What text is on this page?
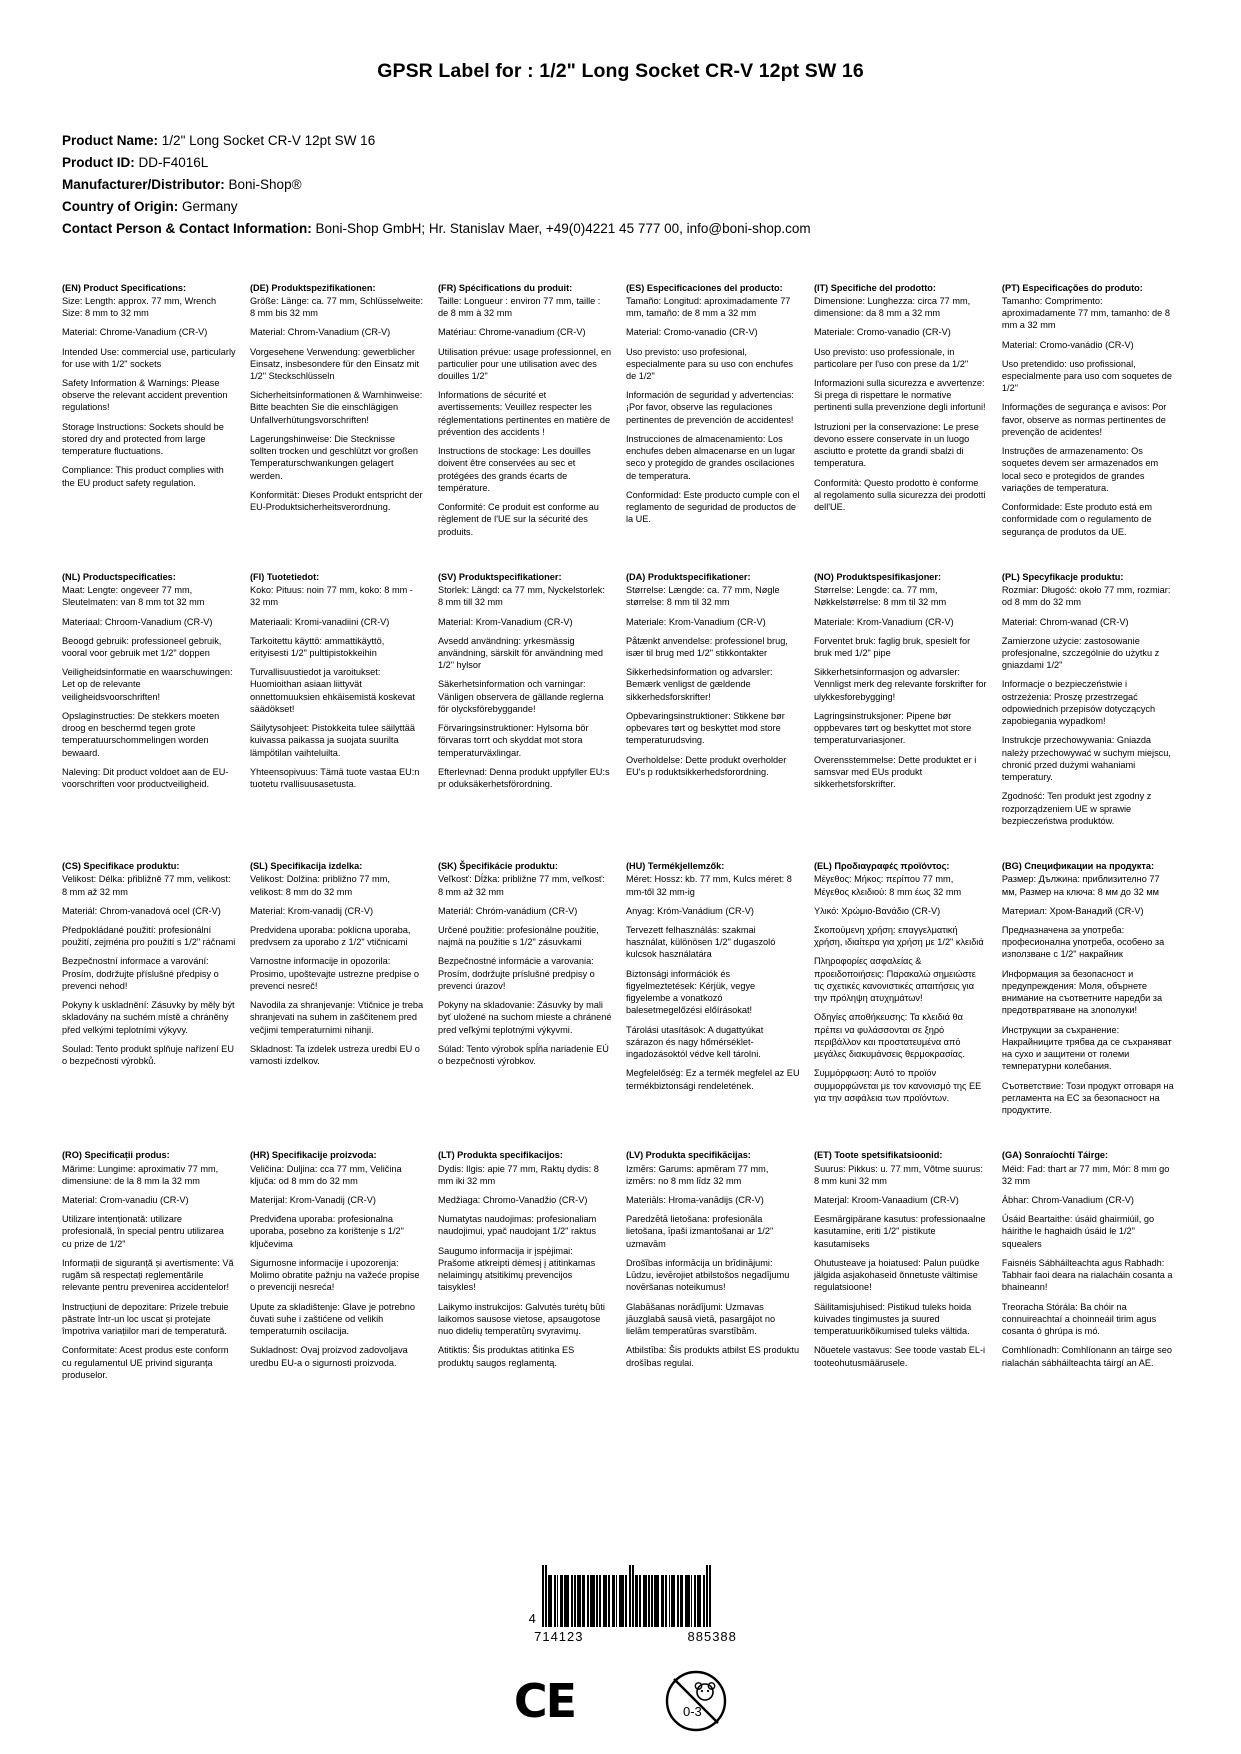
GPSR Label for : 1/2" Long Socket CR-V 12pt SW 16
Product Name: 1/2" Long Socket CR-V 12pt SW 16
Product ID: DD-F4016L
Manufacturer/Distributor: Boni-Shop®
Country of Origin: Germany
Contact Person & Contact Information: Boni-Shop GmbH; Hr. Stanislav Maer, +49(0)4221 45 777 00, info@boni-shop.com
(EN) Product Specifications:

Size: Length: approx. 77 mm, Wrench Size: 8 mm to 32 mm

Material: Chrome-Vanadium (CR-V)

Intended Use: commercial use, particularly for use with 1/2" sockets

Safety Information & Warnings: Please observe the relevant accident prevention regulations!

Storage Instructions: Sockets should be stored dry and protected from large temperature fluctuations.

Compliance: This product complies with the EU product safety regulation.

(DE) Produktspezifikationen:

Größe: Länge: ca. 77 mm, Schlüsselweite: 8 mm bis 32 mm

Material: Chrom-Vanadium (CR-V)

Vorgesehene Verwendung: gewerblicher Einsatz, insbesondere für den Einsatz mit 1/2" Steckschlüsseln

Sicherheitsinformationen & Warnhinweise: Bitte beachten Sie die einschlägigen Unfallverhütungsvorschriften!

Lagerungshinweise: Die Stecknisse sollten trocken und geschlützt vor großen Temperaturschwankungen gelagert werden.

Konformität: Dieses Produkt entspricht der EU-Produktsicherheitsverordnung.

(FR) Spécifications du produit:

Taille: Longueur : environ 77 mm, taille : de 8 mm à 32 mm

Matériau: Chrome-vanadium (CR-V)

Utilisation prévue: usage professionnel, en particulier pour une utilisation avec des douilles 1/2"

Informations de sécurité et avertissements: Veuillez respecter les réglementations pertinentes en matière de prévention des accidents !

Instructions de stockage: Les douilles doivent être conservées au sec et protégées des grands écarts de température.

Conformité: Ce produit est conforme au règlement de l'UE sur la sécurité des produits.

(ES) Especificaciones del producto:

Tamaño: Longitud: aproximadamente 77 mm, tamaño: de 8 mm a 32 mm

Material: Cromo-vanadio (CR-V)

Uso previsto: uso profesional, especialmente para su uso con enchufes de 1/2"

Información de seguridad y advertencias: ¡Por favor, observe las regulaciones pertinentes de prevención de accidentes!

Instrucciones de almacenamiento: Los enchufes deben almacenarse en un lugar seco y protegido de grandes oscilaciones de temperatura.

Conformidad: Este producto cumple con el reglamento de seguridad de productos de la UE.

(IT) Specifiche del prodotto:

Dimensione: Lunghezza: circa 77 mm, dimensione: da 8 mm a 32 mm

Materiale: Cromo-vanadio (CR-V)

Uso previsto: uso professionale, in particolare per l'uso con prese da 1/2"

Informazioni sulla sicurezza e avvertenze: Si prega di rispettare le normative pertinenti sulla prevenzione degli infortuni!

Istruzioni per la conservazione: Le prese devono essere conservate in un luogo asciutto e protette da grandi sbalzi di temperatura.

Conformità: Questo prodotto è conforme al regolamento sulla sicurezza dei prodotti dell'UE.

(PT) Especificações do produto:

Tamanho: Comprimento: aproximadamente 77 mm, tamanho: de 8 mm a 32 mm

Material: Cromo-vanádio (CR-V)

Uso pretendido: uso profissional, especialmente para uso com soquetes de 1/2"

Informações de segurança e avisos: Por favor, observe as normas pertinentes de prevenção de acidentes!

Instruções de armazenamento: Os soquetes devem ser armazenados em local seco e protegidos de grandes variações de temperatura.

Conformidade: Este produto está em conformidade com o regulamento de segurança de produtos da UE.

(NL) Productspecificaties:

Maat: Lengte: ongeveer 77 mm, Sleutelmaten: van 8 mm tot 32 mm

Materiaal: Chroom-Vanadium (CR-V)

Beoogd gebruik: professioneel gebruik, vooral voor gebruik met 1/2" doppen

Veiligheidsinformatie en waarschuwingen: Let op de relevante veiligheidsvoorschriften!

Opslaginstructies: De stekkers moeten droog en beschermd tegen grote temperatuurschommelingen worden bewaard.

Naleving: Dit product voldoet aan de EU-voorschriften voor productveiligheid.

(FI) Tuotetiedot:

Koko: Pituus: noin 77 mm, koko: 8 mm - 32 mm

Materiaali: Kromi-vanadiini (CR-V)

Tarkoitettu käyttö: ammattikäyttö, erityisesti 1/2" pulttipistokkeihin

Turvallisuustiedot ja varoitukset: Huomioithan asiaan liittyvät onnettomuuksien ehkäisemistä koskevat säädökset!

Säilytysohjeet: Pistokkeita tulee säilyttää kuivassa paikassa ja suojata suurilta lämpötilan vaihteluilta.

Yhteensopivuus: Tämä tuote vastaa EU:n tuotetu rvallisuusasetusta.

(SV) Produktspecifikationer:

Storlek: Längd: ca 77 mm, Nyckelstorlek: 8 mm till 32 mm

Material: Krom-Vanadium (CR-V)

Avsedd användning: yrkesmässig användning, särskilt för användning med 1/2" hylsor

Säkerhetsinformation och varningar: Vänligen observera de gällande reglerna för olycksförebyggande!

Förvaringsinstruktioner: Hylsorna bör förvaras torrt och skyddat mot stora temperaturväxlingar.

Efterlevnad: Denna produkt uppfyller EU:s pr oduksäkerhetsförordning.

(DA) Produktspecifikationer:

Størrelse: Længde: ca. 77 mm, Nøgle størrelse: 8 mm til 32 mm

Materiale: Krom-Vanadium (CR-V)

Påtænkt anvendelse: professionel brug, især til brug med 1/2" stikkontakter

Sikkerhedsinformation og advarsler: Bemærk venligst de gældende sikkerhedsforskrifter!

Opbevaringsinstruktioner: Stikkene bør opbevares tørt og beskyttet mod store temperaturudsving.

Overholdelse: Dette produkt overholder EU's p roduktsikkerhedsforordning.

(NO) Produktspesifikasjoner:

Størrelse: Lengde: ca. 77 mm, Nøkkelstørrelse: 8 mm til 32 mm

Materiale: Krom-Vanadium (CR-V)

Forventet bruk: faglig bruk, spesielt for bruk med 1/2" pipe

Sikkerhetsinformasjon og advarsler: Vennligst merk deg relevante forskrifter for ulykkesforebygging!

Lagringsinstruksjoner: Pipene bør oppbevares tørt og beskyttet mot store temperaturvariasjoner.

Overensstemmelse: Dette produktet er i samsvar med EUs produkt sikkerhetsforskrifter.

(PL) Specyfikacje produktu:

Rozmiar: Długość: około 77 mm, rozmiar: od 8 mm do 32 mm

Materiał: Chrom-wanad (CR-V)

Zamierzone użycie: zastosowanie profesjonalne, szczególnie do użytku z gniazdami 1/2"

Informacje o bezpieczeństwie i ostrzeżenia: Proszę przestrzegać odpowiednich przepisów dotyczących zapobiegania wypadkom!

Instrukcje przechowywania: Gniazda należy przechowywać w suchym miejscu, chronić przed dużymi wahaniami temperatury.

Zgodność: Ten produkt jest zgodny z rozporządzeniem UE w sprawie bezpieczeństwa produktów.

(CS) Specifikace produktu:

Velikost: Délka: přibližně 77 mm, velikost: 8 mm až 32 mm

Materiál: Chrom-vanadová ocel (CR-V)

Předpokládané použití: profesionální použití, zejména pro použití s 1/2" ráčnami

Bezpečnostní informace a varování: Prosím, dodržujte příslušné předpisy o prevenci nehod!

Pokyny k uskladnění: Zásuvky by měly být skladovány na suchém místě a chráněny před velkými teplotními výkyvy.

Soulad: Tento produkt splňuje nařízení EU o bezpečnosti výrobků.

(SL) Specifikacija izdelka:

Velikost: Dolžina: približno 77 mm, velikost: 8 mm do 32 mm

Material: Krom-vanadij (CR-V)

Predvidena uporaba: poklicna uporaba, predvsem za uporabo z 1/2" vtičnicami

Varnostne informacije in opozorila: Prosimo, upoštevajte ustrezne predpise o prevenci nesreč!

Navodila za shranjevanje: Vtičnice je treba shranjevati na suhem in zaščitenem pred večjimi temperaturnimi nihanji.

Skladnost: Ta izdelek ustreza uredbi EU o varnosti izdelkov.

(SK) Špecifikácie produktu:

Veľkosť: Dĺžka: približne 77 mm, veľkosť: 8 mm až 32 mm

Materiál: Chróm-vanádium (CR-V)

Určené použitie: profesionálne použitie, najmä na použitie s 1/2" zásuvkami

Bezpečnostné informácie a varovania: Prosím, dodržujte príslušné predpisy o prevenci úrazov!

Pokyny na skladovanie: Zásuvky by mali byť uložené na suchom mieste a chránené pred veľkými teplotnými výkyvmi.

Súlad: Tento výrobok spĺňa nariadenie EÚ o bezpečnosti výrobkov.

(HU) Termékjellemzők:

Méret: Hossz: kb. 77 mm, Kulcs méret: 8 mm-től 32 mm-ig

Anyag: Króm-Vanádium (CR-V)

Tervezett felhasználás: szakmai használat, különösen 1/2" dugaszoló kulcsok használatára

Biztonsági információk és figyelmeztetések: Kérjük, vegye figyelembe a vonatkozó balesetmegelőzési előírásokat!

Tárolási utasítások: A dugattyúkat szárazon és nagy hőmérséklet-ingadozásoktól védve kell tárolni.

Megfelelőség: Ez a termék megfelel az EU termékbiztonsági rendeletének.

(EL) Προδιαγραφές προϊόντος:

Μέγεθος: Μήκος: περίπου 77 mm, Μέγεθος κλειδιού: 8 mm έως 32 mm

Υλικό: Χρώμιο-Βανάδιο (CR-V)

Σκοπούμενη χρήση: επαγγελματική χρήση, ιδιαίτερα για χρήση με 1/2" κλειδιά

Πληροφορίες ασφαλείας & προειδοποιήσεις: Παρακαλώ σημειώστε τις σχετικές κανονιστικές απαιτήσεις για την πρόληψη ατυχημάτων!

Οδηγίες αποθήκευσης: Τα κλειδιά θα πρέπει να φυλάσσονται σε ξηρό περιβάλλον και προστατευμένα από μεγάλες διακυμάνσεις θερμοκρασίας.

Συμμόρφωση: Αυτό το προϊόν συμμορφώνεται με τον κανονισμό της ΕΕ για την ασφάλεια των προϊόντων.

(BG) Спецификации на продукта:

Размер: Дължина: приблизително 77 мм, Размер на ключа: 8 мм до 32 мм

Материал: Хром-Ванадий (CR-V)

Предназначена за употреба: професионална употреба, особено за използване с 1/2" накрайник

Информация за безопасност и предупреждения: Моля, обърнете внимание на съответните наредби за предотвратяване на злополуки!

Инструкции за съхранение: Накрайниците трябва да се съхраняват на сухо и защитени от големи температурни колебания.

Съответствие: Този продукт отговаря на регламента на ЕС за безопасност на продуктите.

(RO) Specificații produs:

Mărime: Lungime: aproximativ 77 mm, dimensiune: de la 8 mm la 32 mm

Material: Crom-vanadiu (CR-V)

Utilizare intenționată: utilizare profesională, în special pentru utilizarea cu prize de 1/2"

Informații de siguranță și avertismente: Vă rugăm să respectați reglementările relevante pentru prevenirea accidentelor!

Instrucțiuni de depozitare: Prizele trebuie păstrate într-un loc uscat și protejate împotriva variațiilor mari de temperatură.

Conformitate: Acest produs este conform cu regulamentul UE privind siguranța produselor.

(HR) Specifikacije proizvoda:

Veličina: Duljina: cca 77 mm, Veličina ključa: od 8 mm do 32 mm

Materijal: Krom-Vanadij (CR-V)

Predviđena uporaba: profesionalna uporaba, posebno za korištenje s 1/2" ključevima

Sigurnosne informacije i upozorenja: Molimo obratite pažnju na važeće propise o prevenciji nesreća!

Upute za skladištenje: Glave je potrebno čuvati suhe i zaštićene od velikih temperaturnih oscilacija.

Sukladnost: Ovaj proizvod zadovoljava uredbu EU-a o sigurnosti proizvoda.

(LT) Produkta specifikacijos:

Dydis: Ilgis: apie 77 mm, Raktų dydis: 8 mm iki 32 mm

Medžiaga: Chromo-Vanadžio (CR-V)

Numatytas naudojimas: profesionaliam naudojimui, ypač naudojant 1/2" raktus

Saugumo informacija ir įspėjimai: Prašome atkreipti dėmesį į atitinkamas nelaimingų atsitikimų prevencijos taisykles!

Laikymo instrukcijos: Galvutės turėtų būti laikomos sausose vietose, apsaugotose nuo didelių temperatūrų svyravimų.

Atitiktis: Šis produktas atitinka ES produktų saugos reglamentą.

(LV) Produkta specifikācijas:

Izmērs: Garums: apmēram 77 mm, izmērs: no 8 mm līdz 32 mm

Materiāls: Hroma-vanādijs (CR-V)

Paredzētā lietošana: profesionāla lietošana, īpaši izmantošanai ar 1/2" uzmavām

Drošības informācija un brīdinājumi: Lūdzu, ievērojiet atbilstošos negadījumu novēršanas noteikumus!

Glabāšanas norādījumi: Uzmavas jāuzglabā sausā vietā, pasargājot no lielām temperatūras svarstībām.

Atbilstība: Šis produkts atbilst ES produktu drošības regulai.

(ET) Toote spetsifikatsioonid:

Suurus: Pikkus: u. 77 mm, Võtme suurus: 8 mm kuni 32 mm

Materjal: Kroom-Vanaadium (CR-V)

Eesmärgipärane kasutus: professionaalne kasutamine, eriti 1/2" pistikute kasutamiseks

Ohutusteave ja hoiatused: Palun puüdke jälgida asjakohaseid õnnetuste vältimise regulatsioone!

Säilitamisjuhised: Pistikud tuleks hoida kuivades tingimustes ja suured temperatuurikõikumised tuleks vältida.

Nõuetele vastavus: See toode vastab EL-i tooteohutusmäärusele.

(GA) Sonraíochtí Táirge:

Méid: Fad: thart ar 77 mm, Mór: 8 mm go 32 mm

Ábhar: Chrom-Vanadium (CR-V)

Úsáid Beartaithe: úsáid ghairmiúil, go háirithe le haghaidh úsáid le 1/2" squealers

Faisnéis Sábháilteachta agus Rabhadh: Tabhair faoi deara na rialacháin cosanta a bhaineann!

Treoracha Stórála: Ba chóir na connuireachtaí a choinneáil tirim agus cosanta ó ghrúpa is mó.

Comhlíonadh: Comhlíonann an táirge seo rialachán sábháilteachta táirgí an AE.

4
714123	885388
CE	0-3
